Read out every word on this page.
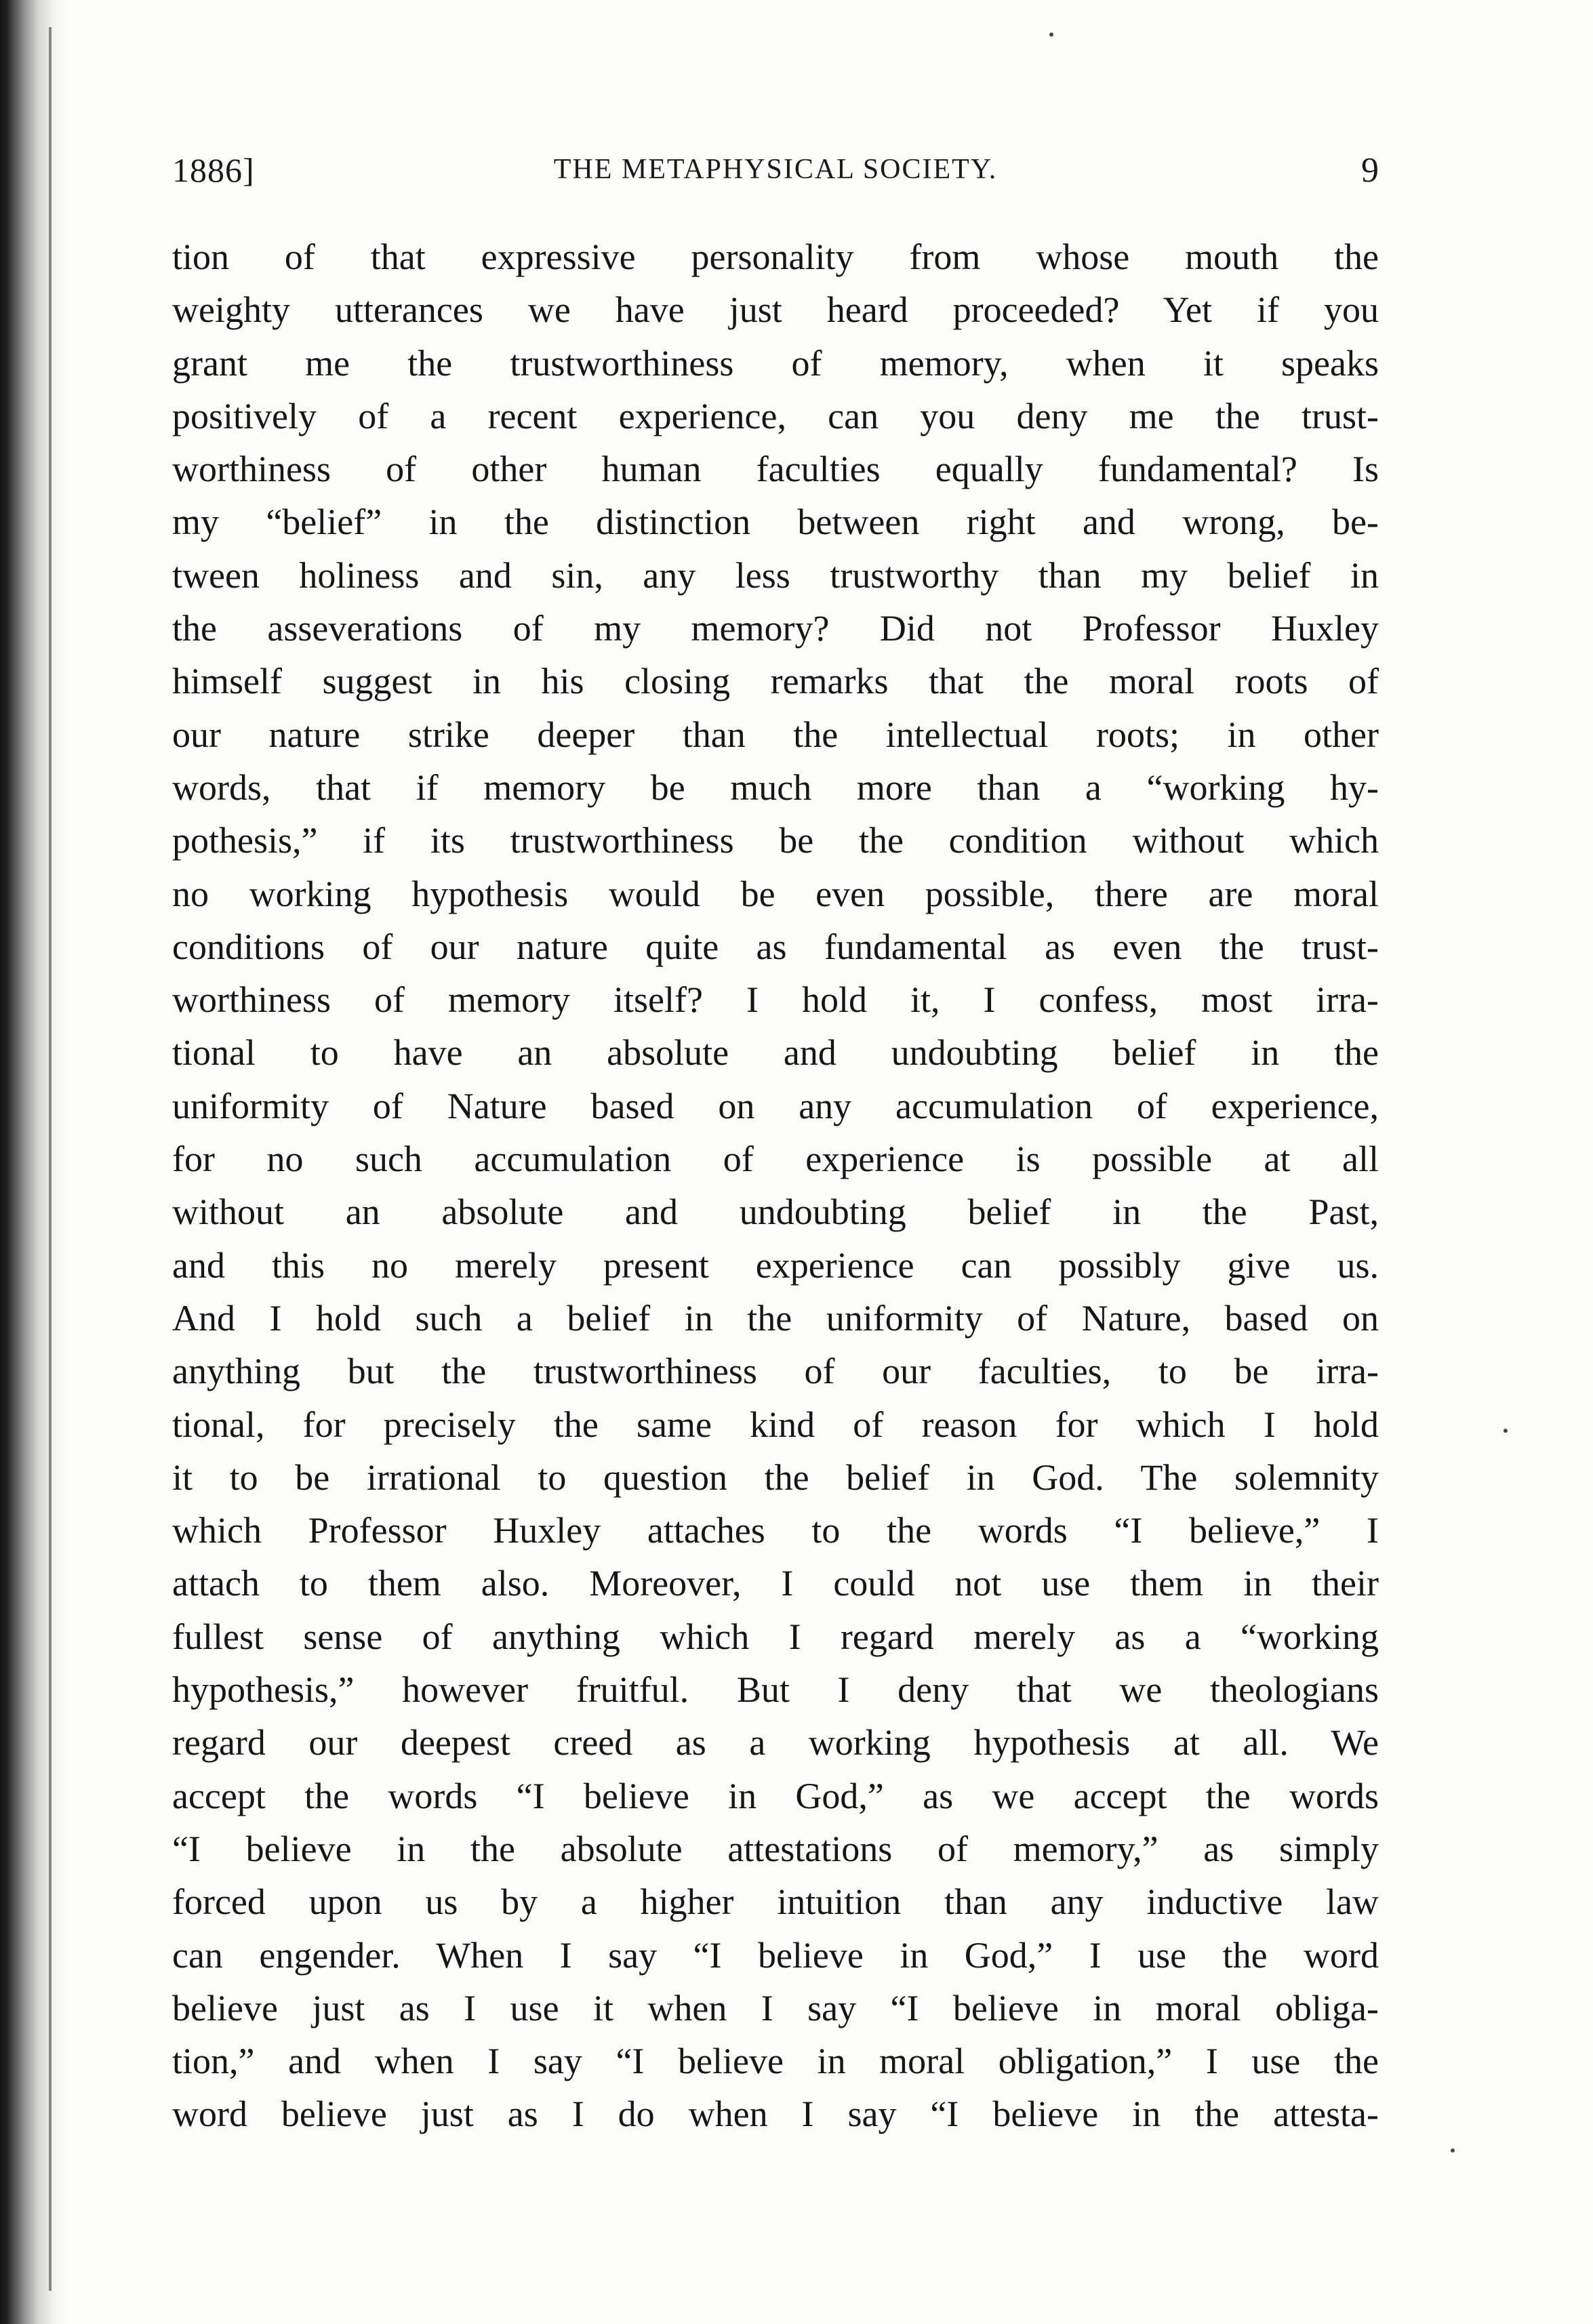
1886]	THE METAPHYSICAL SOCIETY.	9
tion of that expressive personality from whose mouth the
weighty utterances we have just heard proceeded? Yet if you
grant me the trustworthiness of memory, when it speaks
positively of a recent experience, can you deny me the trust-
worthiness of other human faculties equally fundamental? Is
my “belief” in the distinction between right and wrong, be-
tween holiness and sin, any less trustworthy than my belief in
the asseverations of my memory? Did not Professor Huxley
himself suggest in his closing remarks that the moral roots of
our nature strike deeper than the intellectual roots; in other
words, that if memory be much more than a “working hy-
pothesis,” if its trustworthiness be the condition without which
no working hypothesis would be even possible, there are moral
conditions of our nature quite as fundamental as even the trust-
worthiness of memory itself? I hold it, I confess, most irra-
tional to have an absolute and undoubting belief in the
uniformity of Nature based on any accumulation of experience,
for no such accumulation of experience is possible at all
without an absolute and undoubting belief in the Past,
and this no merely present experience can possibly give us.
And I hold such a belief in the uniformity of Nature, based on
anything but the trustworthiness of our faculties, to be irra-
tional, for precisely the same kind of reason for which I hold
it to be irrational to question the belief in God. The solemnity
which Professor Huxley attaches to the words “I believe,” I
attach to them also. Moreover, I could not use them in their
fullest sense of anything which I regard merely as a “working
hypothesis,” however fruitful. But I deny that we theologians
regard our deepest creed as a working hypothesis at all. We
accept the words “I believe in God,” as we accept the words
“I believe in the absolute attestations of memory,” as simply
forced upon us by a higher intuition than any inductive law
can engender. When I say “I believe in God,” I use the word
believe just as I use it when I say “I believe in moral obliga-
tion,” and when I say “I believe in moral obligation,” I use the
word believe just as I do when I say “I believe in the attesta-
